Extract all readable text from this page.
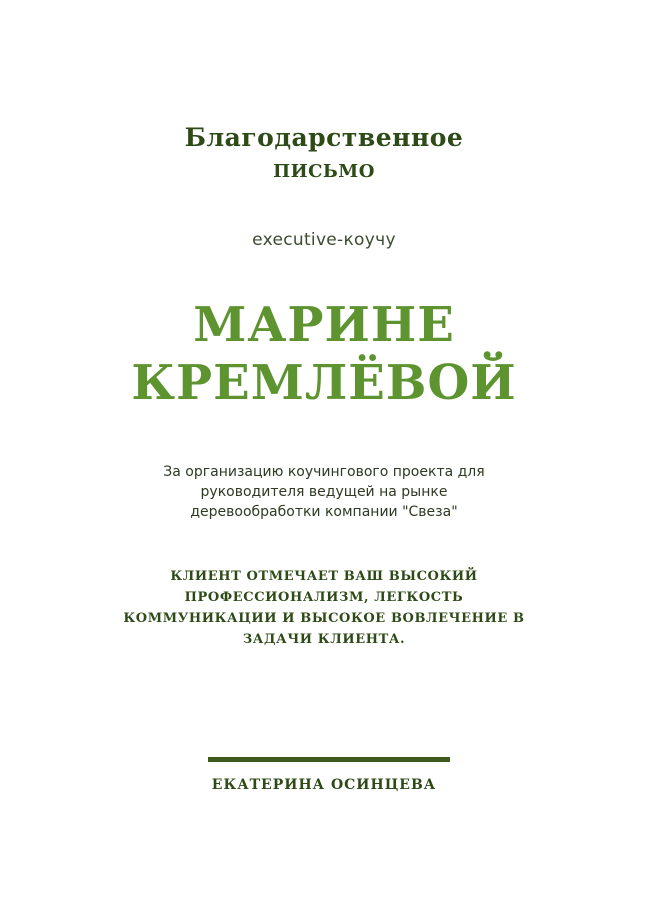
Благодарственное
письмо
executive-коучу
МАРИНЕ
КРЕМЛЁВОЙ
За организацию коучингового проекта для
руководителя ведущей на рынке
деревообработки компании "Свеза"
КЛИЕНТ ОТМЕЧАЕТ ВАШ ВЫСОКИЙ
ПРОФЕССИОНАЛИЗМ, ЛЕГКОСТЬ
КОММУНИКАЦИИ И ВЫСОКОЕ ВОВЛЕЧЕНИЕ В
ЗАДАЧИ КЛИЕНТА.
ЕКАТЕРИНА ОСИНЦЕВА
